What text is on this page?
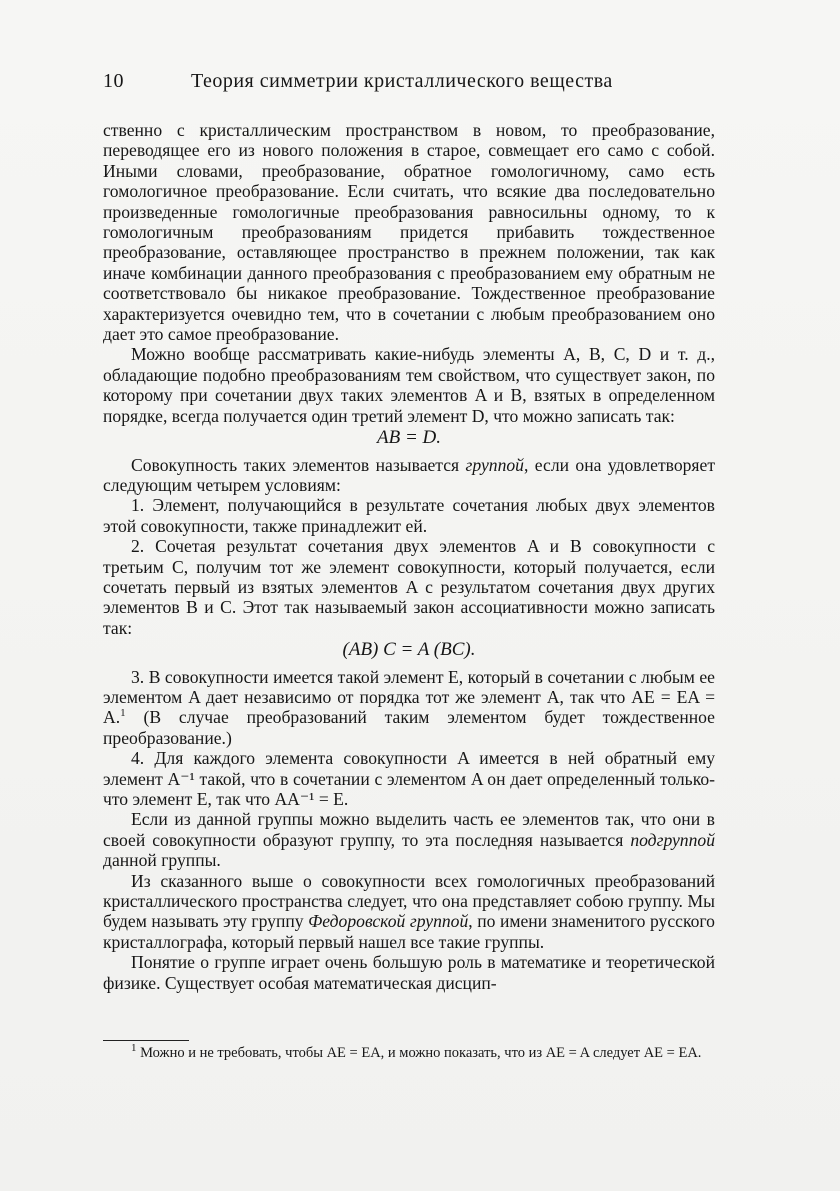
10	Теория симметрии кристаллического вещества

ственно с кристаллическим пространством в новом, то преобразование, переводящее его из нового положения в старое, совмещает его само с собой. Иными словами, преобразование, обратное гомологичному, само есть гомологичное преобразование. Если считать, что всякие два последовательно произведенные гомологичные преобразования равносильны одному, то к гомологичным преобразованиям придется прибавить тождественное преобразование, оставляющее пространство в прежнем положении, так как иначе комбинации данного преобразования с преобразованием ему обратным не соответствовало бы никакое преобразование. Тождественное преобразование характеризуется очевидно тем, что в сочетании с любым преобразованием оно дает это самое преобразование.

Можно вообще рассматривать какие-нибудь элементы A, B, C, D и т. д., обладающие подобно преобразованиям тем свойством, что существует закон, по которому при сочетании двух таких элементов A и B, взятых в определенном порядке, всегда получается один третий элемент D, что можно записать так:

AB = D.

Совокупность таких элементов называется группой, если она удовлетворяет следующим четырем условиям:

1. Элемент, получающийся в результате сочетания любых двух элементов этой совокупности, также принадлежит ей.

2. Сочетая результат сочетания двух элементов A и B совокупности с третьим C, получим тот же элемент совокупности, который получается, если сочетать первый из взятых элементов A с результатом сочетания двух других элементов B и C. Этот так называемый закон ассоциативности можно записать так:

(AB) C = A (BC).

3. В совокупности имеется такой элемент E, который в сочетании с любым ее элементом A дает независимо от порядка тот же элемент A, так что AE = EA = A.$^1$ (В случае преобразований таким элементом будет тождественное преобразование.)

4. Для каждого элемента совокупности A имеется в ней обратный ему элемент A⁻¹ такой, что в сочетании с элементом A он дает определенный только-что элемент E, так что AA⁻¹ = E.

Если из данной группы можно выделить часть ее элементов так, что они в своей совокупности образуют группу, то эта последняя называется подгруппой данной группы.

Из сказанного выше о совокупности всех гомологичных преобразований кристаллического пространства следует, что она представляет собою группу. Мы будем называть эту группу Федоровской группой, по имени знаменитого русского кристаллографа, который первый нашел все такие группы.

Понятие о группе играет очень большую роль в математике и теоретической физике. Существует особая математическая дисцип-

$^1$ Можно и не требовать, чтобы AE = EA, и можно показать, что из AE = A следует AE = EA.
